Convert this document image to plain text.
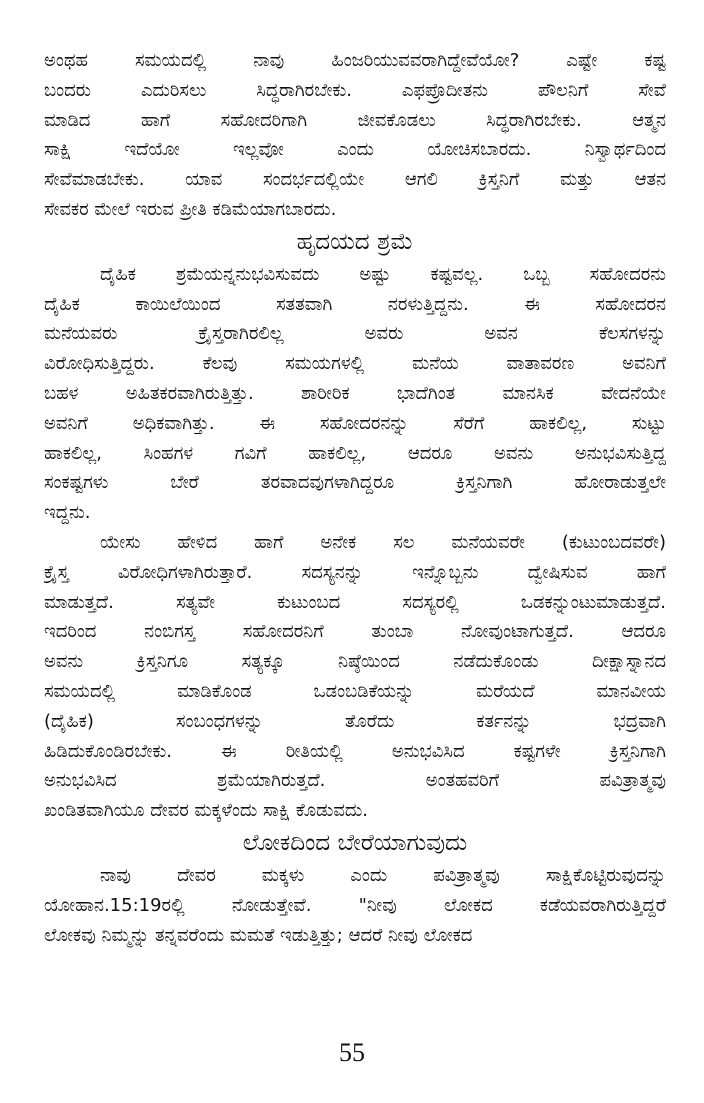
ಅಂಥಹ ಸಮಯದಲ್ಲಿ ನಾವು ಹಿಂಜರಿಯುವವರಾಗಿದ್ದೇವೆಯೋ? ಎಷ್ಟೇ ಕಷ್ಟ
ಬಂದರು ಎದುರಿಸಲು ಸಿದ್ಧರಾಗಿರಬೇಕು. ಎಫಪ್ರೊದೀತನು ಪೌಲನಿಗೆ ಸೇವೆ
ಮಾಡಿದ ಹಾಗೆ ಸಹೋದರಿಗಾಗಿ ಜೀವಕೊಡಲು ಸಿದ್ಧರಾಗಿರಬೇಕು. ಆತ್ಮನ
ಸಾಕ್ಷಿ ಇದೆಯೋ ಇಲ್ಲವೋ ಎಂದು ಯೋಚಿಸಬಾರದು. ನಿಸ್ವಾರ್ಥದಿಂದ
ಸೇವೆಮಾಡಬೇಕು. ಯಾವ ಸಂದರ್ಭದಲ್ಲಿಯೇ ಆಗಲಿ ಕ್ರಿಸ್ತನಿಗೆ ಮತ್ತು ಆತನ
ಸೇವಕರ ಮೇಲೆ ಇರುವ ಪ್ರೀತಿ ಕಡಿಮೆಯಾಗಬಾರದು.
ಹೃದಯದ ಶ್ರಮೆ
ದೈಹಿಕ ಶ್ರಮೆಯನ್ನನುಭವಿಸುವದು ಅಷ್ಟು ಕಷ್ಟವಲ್ಲ. ಒಬ್ಬ ಸಹೋದರನು
ದೈಹಿಕ ಕಾಯಿಲೆಯಿಂದ ಸತತವಾಗಿ ನರಳುತ್ತಿದ್ದನು. ಈ ಸಹೋದರನ
ಮನೆಯವರು ಕ್ರೈಸ್ತರಾಗಿರಲಿಲ್ಲ ಅವರು ಅವನ ಕೆಲಸಗಳನ್ನು
ವಿರೋಧಿಸುತ್ತಿದ್ದರು. ಕೆಲವು ಸಮಯಗಳಲ್ಲಿ ಮನೆಯ ವಾತಾವರಣ ಅವನಿಗೆ
ಬಹಳ ಅಹಿತಕರವಾಗಿರುತ್ತಿತ್ತು. ಶಾರೀರಿಕ ಭಾದೆಗಿಂತ ಮಾನಸಿಕ ವೇದನೆಯೇ
ಅವನಿಗೆ ಅಧಿಕವಾಗಿತ್ತು. ಈ ಸಹೋದರನನ್ನು ಸೆರೆಗೆ ಹಾಕಲಿಲ್ಲ, ಸುಟ್ಟು
ಹಾಕಲಿಲ್ಲ, ಸಿಂಹಗಳ ಗವಿಗೆ ಹಾಕಲಿಲ್ಲ, ಆದರೂ ಅವನು ಅನುಭವಿಸುತ್ತಿದ್ದ
ಸಂಕಷ್ಟಗಳು ಬೇರೆ ತರವಾದವುಗಳಾಗಿದ್ದರೂ ಕ್ರಿಸ್ತನಿಗಾಗಿ ಹೋರಾಡುತ್ತಲೇ
ಇದ್ದನು.
ಯೇಸು ಹೇಳಿದ ಹಾಗೆ ಅನೇಕ ಸಲ ಮನೆಯವರೇ (ಕುಟುಂಬದವರೇ)
ಕ್ರೈಸ್ತ ವಿರೋಧಿಗಳಾಗಿರುತ್ತಾರೆ. ಸದಸ್ಯನನ್ನು ಇನ್ನೊಬ್ಬನು ದ್ವೇಷಿಸುವ ಹಾಗೆ
ಮಾಡುತ್ತದೆ. ಸತ್ಯವೇ ಕುಟುಂಬದ ಸದಸ್ಯರಲ್ಲಿ ಒಡಕನ್ನುಂಟುಮಾಡುತ್ತದೆ.
ಇದರಿಂದ ನಂಬಿಗಸ್ತ ಸಹೋದರನಿಗೆ ತುಂಬಾ ನೋವುಂಟಾಗುತ್ತದೆ. ಆದರೂ
ಅವನು ಕ್ರಿಸ್ತನಿಗೂ ಸತ್ಯಕ್ಕೂ ನಿಷ್ಠೆಯಿಂದ ನಡೆದುಕೊಂಡು ದೀಕ್ಷಾಸ್ನಾನದ
ಸಮಯದಲ್ಲಿ ಮಾಡಿಕೊಂಡ ಒಡಂಬಡಿಕೆಯನ್ನು ಮರೆಯದೆ ಮಾನವೀಯ
(ದೈಹಿಕ) ಸಂಬಂಧಗಳನ್ನು ತೊರೆದು ಕರ್ತನನ್ನು ಭದ್ರವಾಗಿ
ಹಿಡಿದುಕೊಂಡಿರಬೇಕು. ಈ ರೀತಿಯಲ್ಲಿ ಅನುಭವಿಸಿದ ಕಷ್ಟಗಳೇ ಕ್ರಿಸ್ತನಿಗಾಗಿ
ಅನುಭವಿಸಿದ ಶ್ರಮೆಯಾಗಿರುತ್ತದೆ. ಅಂತಹವರಿಗೆ ಪವಿತ್ರಾತ್ಮವು
ಖಂಡಿತವಾಗಿಯೂ ದೇವರ ಮಕ್ಕಳೆಂದು ಸಾಕ್ಷಿ ಕೊಡುವದು.
ಲೋಕದಿಂದ ಬೇರೆಯಾಗುವುದು
ನಾವು ದೇವರ ಮಕ್ಕಳು ಎಂದು ಪವಿತ್ರಾತ್ಮವು ಸಾಕ್ಷಿಕೊಟ್ಟಿರುವುದನ್ನು
ಯೋಹಾನ.15:19ರಲ್ಲಿ ನೋಡುತ್ತೇವೆ. "ನೀವು ಲೋಕದ ಕಡೆಯವರಾಗಿರುತ್ತಿದ್ದರೆ
ಲೋಕವು ನಿಮ್ಮನ್ನು ತನ್ನವರೆಂದು ಮಮತೆ ಇಡುತ್ತಿತ್ತು; ಆದರೆ ನೀವು ಲೋಕದ
55
